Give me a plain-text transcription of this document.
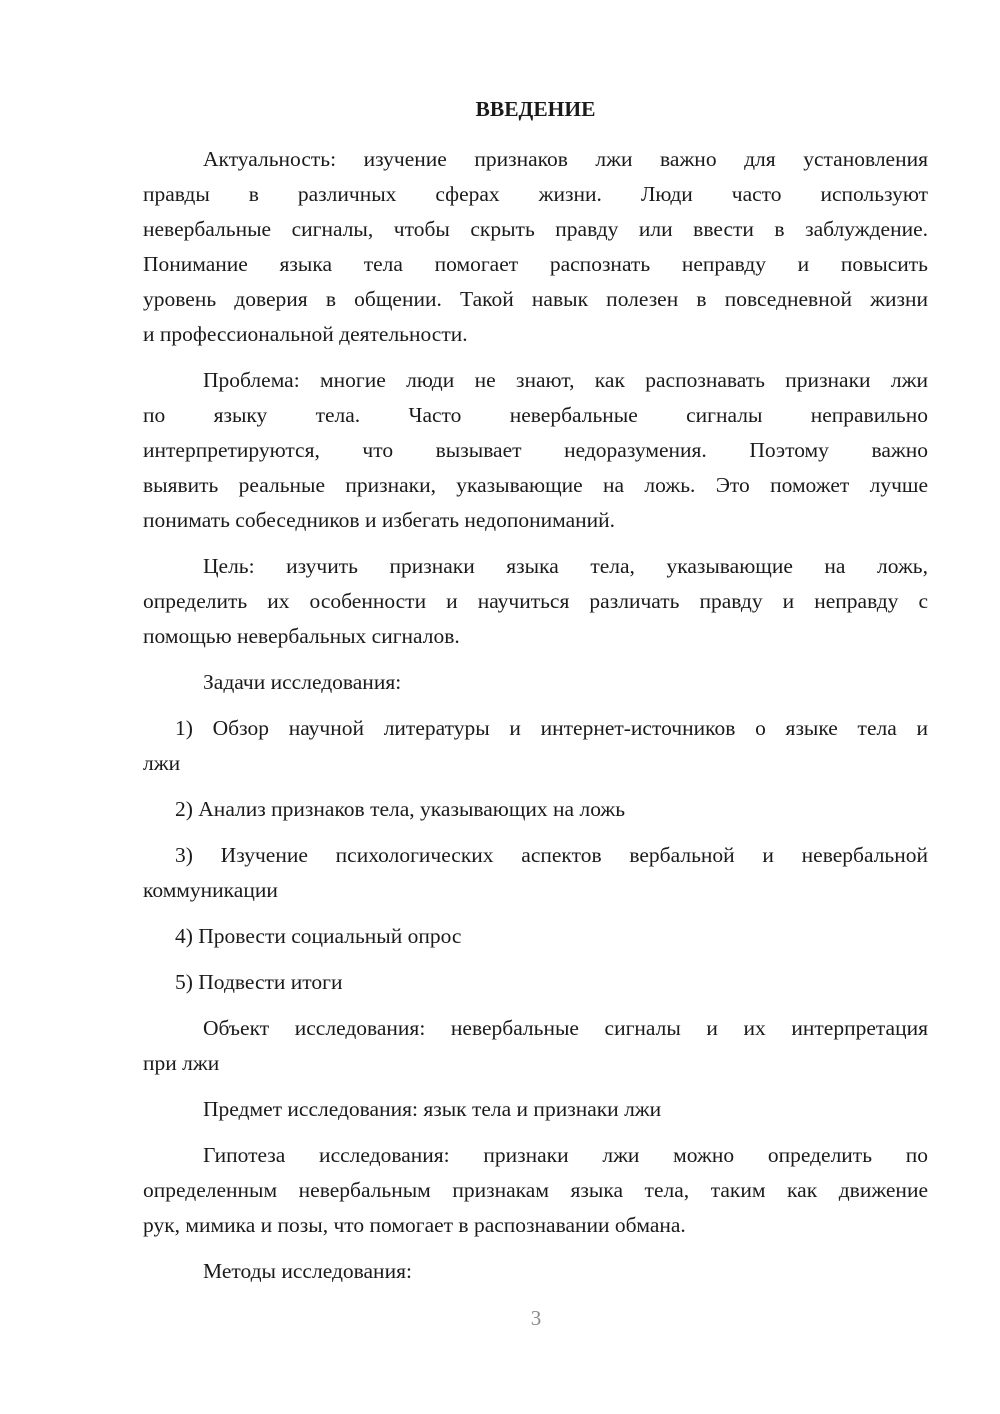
ВВЕДЕНИЕ
Актуальность: изучение признаков лжи важно для установления
правды в различных сферах жизни. Люди часто используют
невербальные сигналы, чтобы скрыть правду или ввести в заблуждение.
Понимание языка тела помогает распознать неправду и повысить
уровень доверия в общении. Такой навык полезен в повседневной жизни
и профессиональной деятельности.
Проблема: многие люди не знают, как распознавать признаки лжи
по языку тела. Часто невербальные сигналы неправильно
интерпретируются, что вызывает недоразумения. Поэтому важно
выявить реальные признаки, указывающие на ложь. Это поможет лучше
понимать собеседников и избегать недопониманий.
Цель: изучить признаки языка тела, указывающие на ложь,
определить их особенности и научиться различать правду и неправду с
помощью невербальных сигналов.
Задачи исследования:
1) Обзор научной литературы и интернет-источников о языке тела и
лжи
2) Анализ признаков тела, указывающих на ложь
3) Изучение психологических аспектов вербальной и невербальной
коммуникации
4) Провести социальный опрос
5) Подвести итоги
Объект исследования: невербальные сигналы и их интерпретация
при лжи
Предмет исследования: язык тела и признаки лжи
Гипотеза исследования: признаки лжи можно определить по
определенным невербальным признакам языка тела, таким как движение
рук, мимика и позы, что помогает в распознавании обмана.
Методы исследования:
3
